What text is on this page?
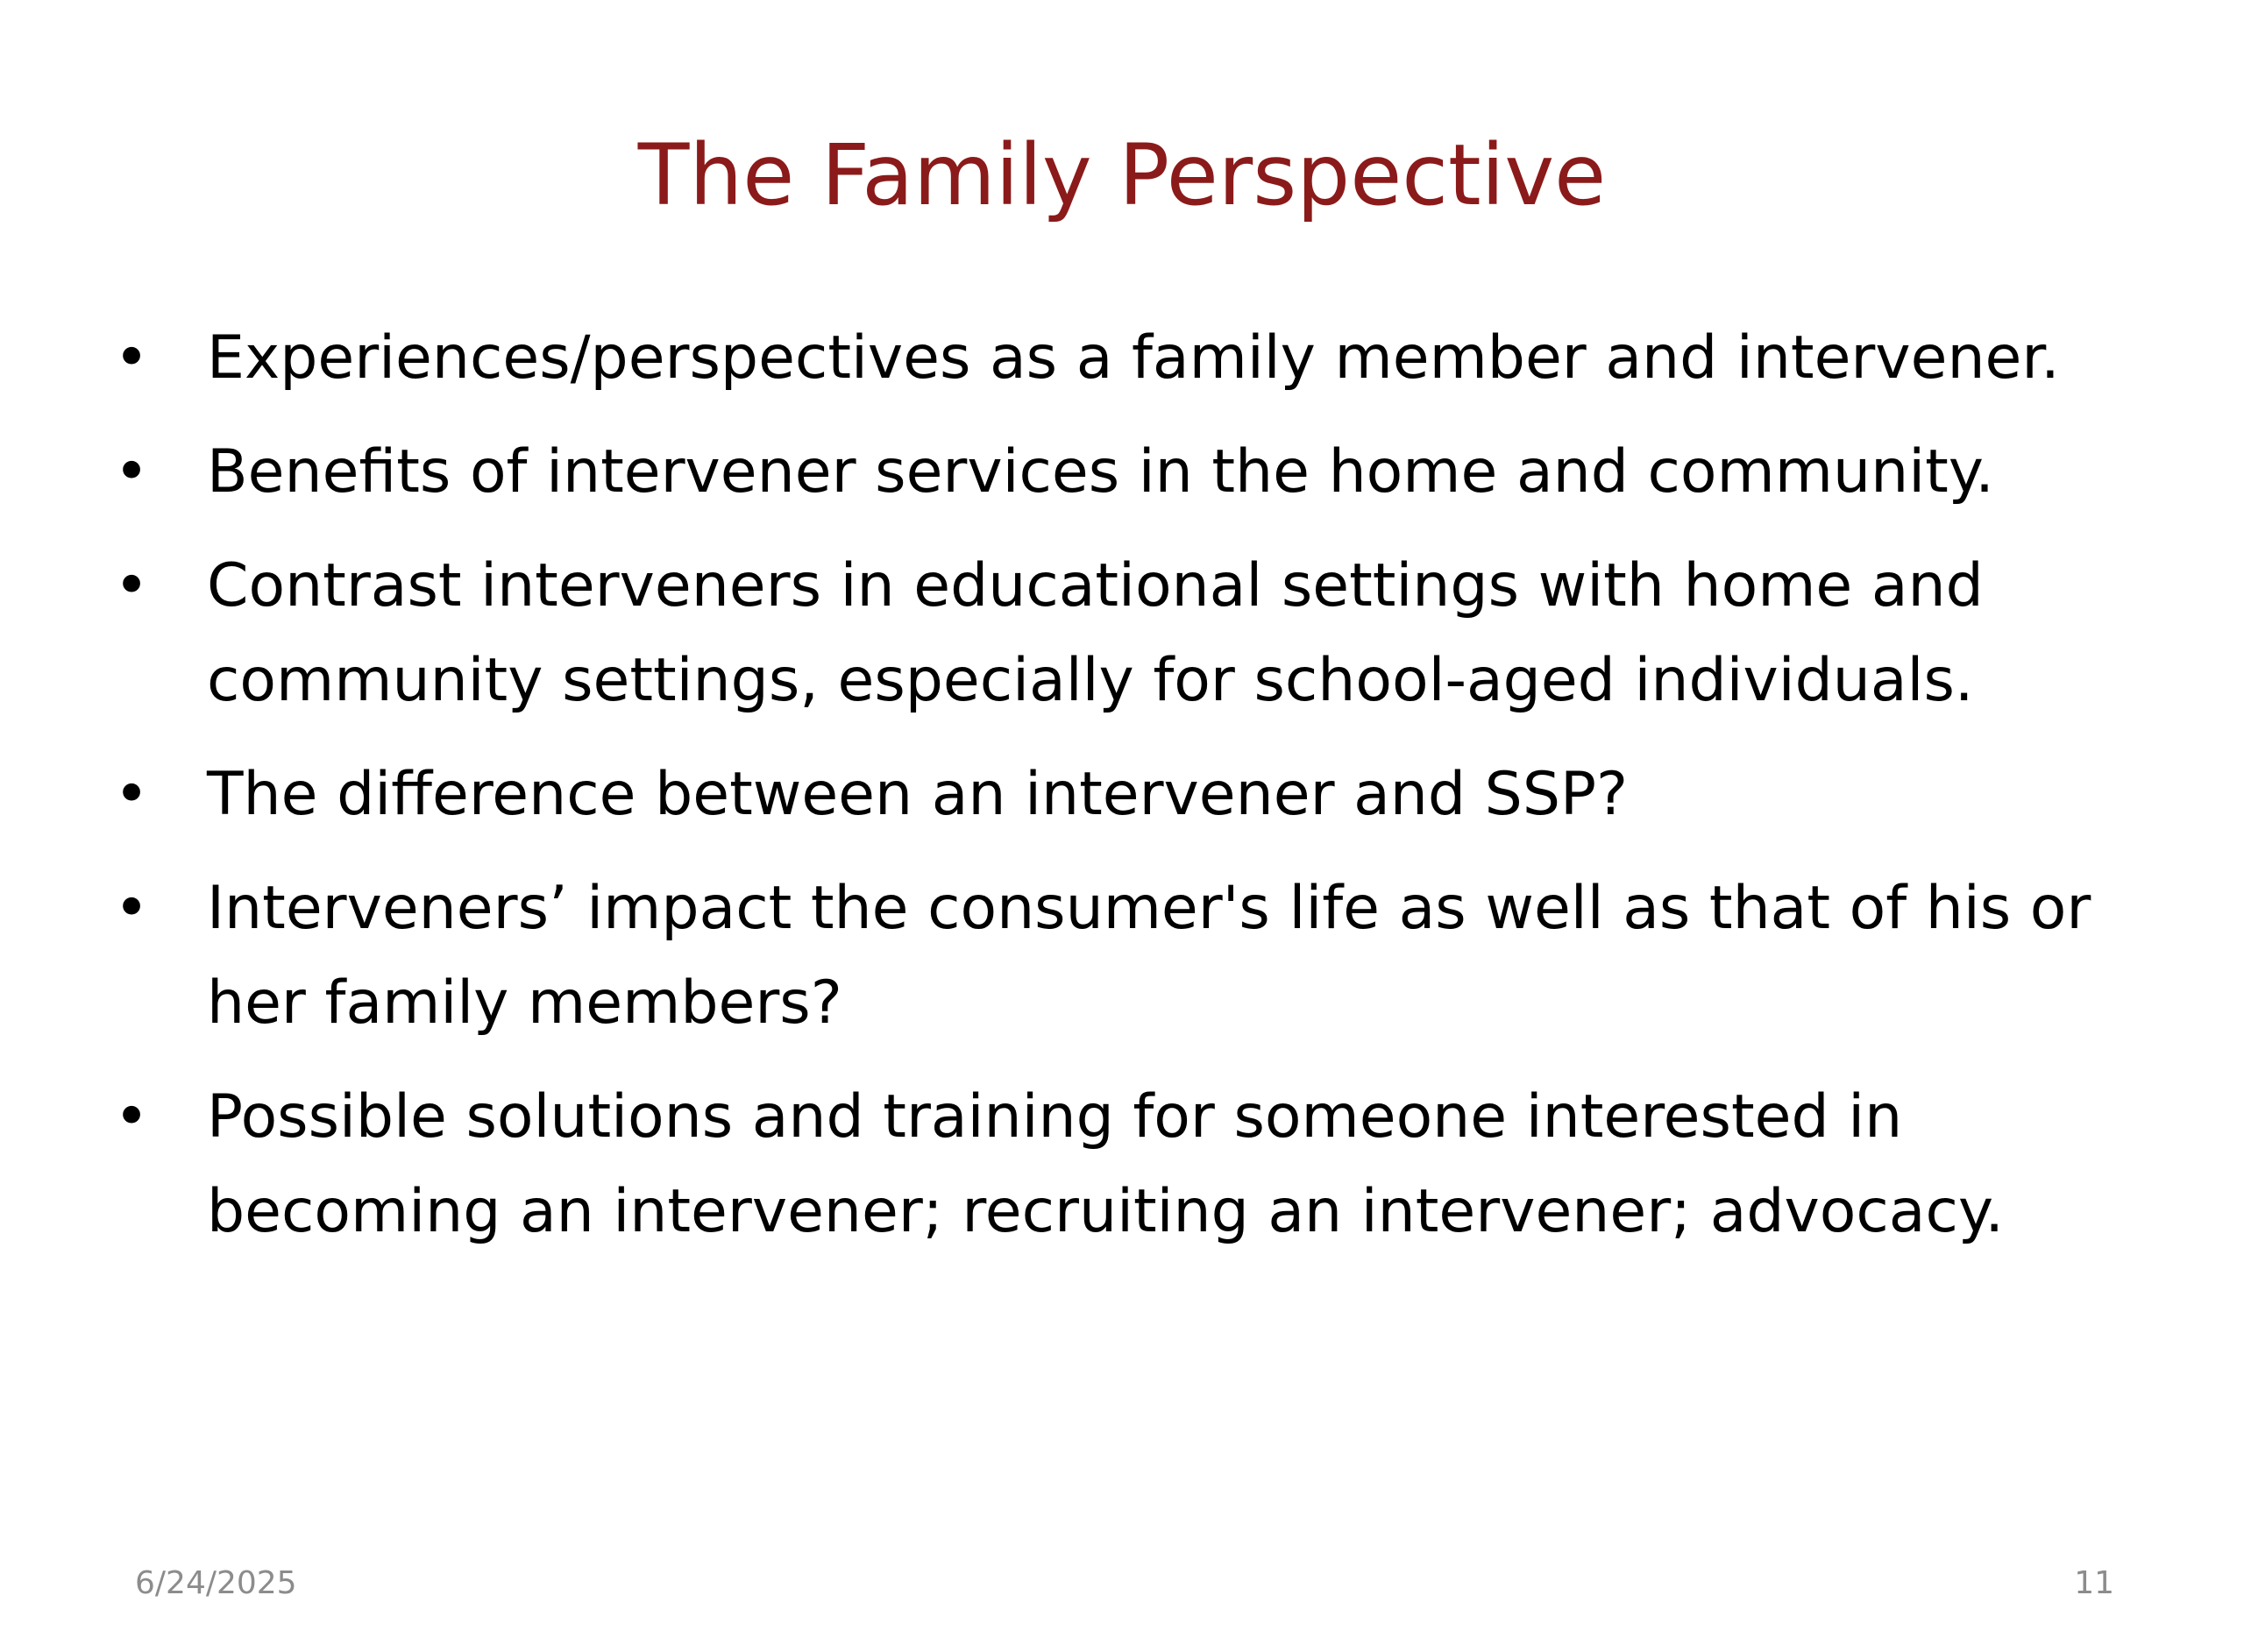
The Family Perspective
• Experiences/perspectives as a family member and intervener.
• Benefits of intervener services in the home and community.
• Contrast interveners in educational settings with home and community settings, especially for school-aged individuals.
• The difference between an intervener and SSP?
• Interveners’ impact the consumer's life as well as that of his or her family members?
• Possible solutions and training for someone interested in becoming an intervener; recruiting an intervener; advocacy.
6/24/2025	11
